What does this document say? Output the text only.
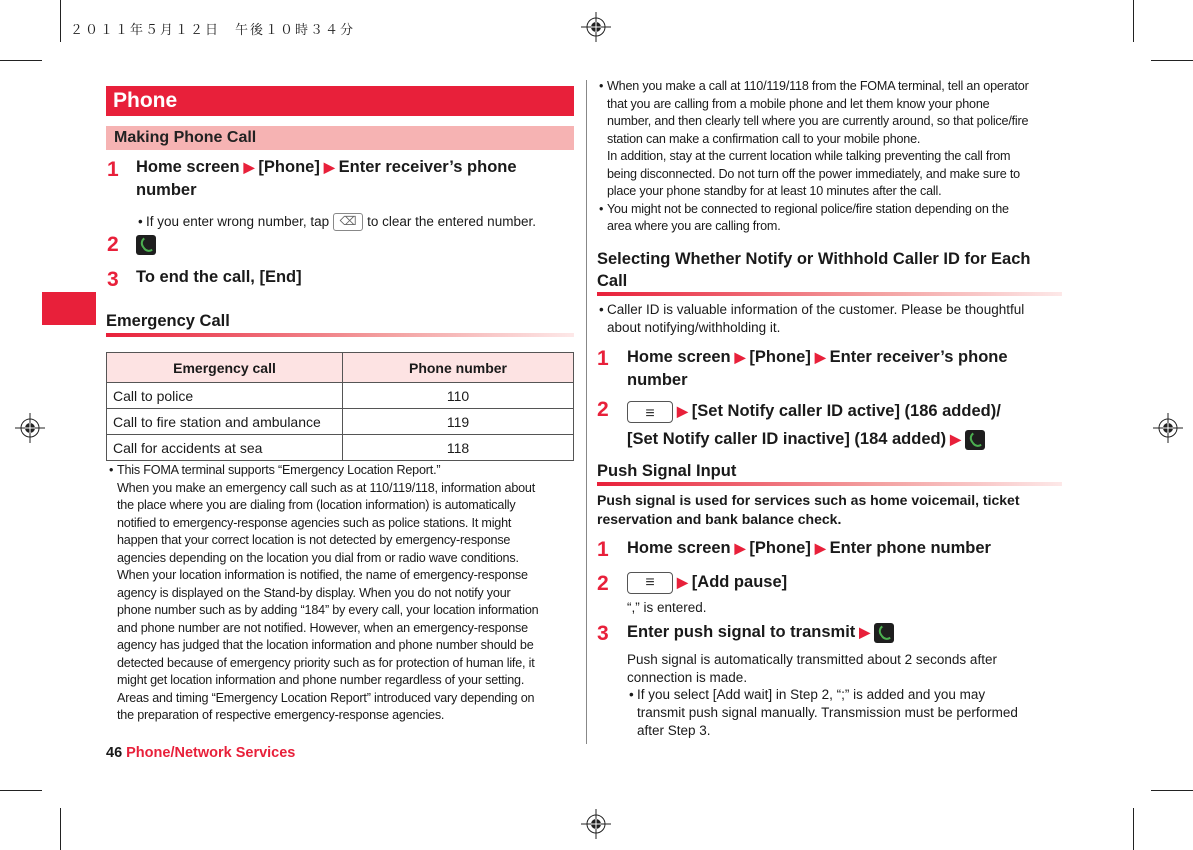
２０１１年５月１２日　午後１０時３４分
Phone
Making Phone Call
1 Home screen ▶ [Phone] ▶ Enter receiver’s phone
number
• If you enter wrong number, tap ⌫	to clear the entered number.
2
3 To end the call, [End]
Emergency Call
Emergency call	Phone number
Call to police	110
Call to fire station and ambulance	119
Call for accidents at sea	118
• This FOMA terminal supports “Emergency Location Report.”
When you make an emergency call such as at 110/119/118, information about
the place where you are dialing from (location information) is automatically
notified to emergency-response agencies such as police stations. It might
happen that your correct location is not detected by emergency-response
agencies depending on the location you dial from or radio wave conditions.
When your location information is notified, the name of emergency-response
agency is displayed on the Stand-by display. When you do not notify your
phone number such as by adding “184” by every call, your location information
and phone number are not notified. However, when an emergency-response
agency has judged that the location information and phone number should be
detected because of emergency priority such as for protection of human life, it
might get location information and phone number regardless of your setting.
Areas and timing “Emergency Location Report” introduced vary depending on
the preparation of respective emergency-response agencies.
46 Phone/Network Services
• When you make a call at 110/119/118 from the FOMA terminal, tell an operator
that you are calling from a mobile phone and let them know your phone
number, and then clearly tell where you are currently around, so that police/fire
station can make a confirmation call to your mobile phone.
In addition, stay at the current location while talking preventing the call from
being disconnected. Do not turn off the power immediately, and make sure to
place your phone standby for at least 10 minutes after the call.
• You might not be connected to regional police/fire station depending on the
area where you are calling from.
Selecting Whether Notify or Withhold Caller ID for Each
Call
• Caller ID is valuable information of the customer. Please be thoughtful
about notifying/withholding it.
1 Home screen ▶ [Phone] ▶ Enter receiver’s phone
number
2 ≡	▶ [Set Notify caller ID active] (186 added)/
[Set Notify caller ID inactive] (184 added) ▶
Push Signal Input
Push signal is used for services such as home voicemail, ticket
reservation and bank balance check.
1 Home screen ▶ [Phone] ▶ Enter phone number
2 ≡	▶ [Add pause]
“,” is entered.
3 Enter push signal to transmit ▶
Push signal is automatically transmitted about 2 seconds after
connection is made.
• If you select [Add wait] in Step 2, “;” is added and you may
transmit push signal manually. Transmission must be performed
after Step 3.
